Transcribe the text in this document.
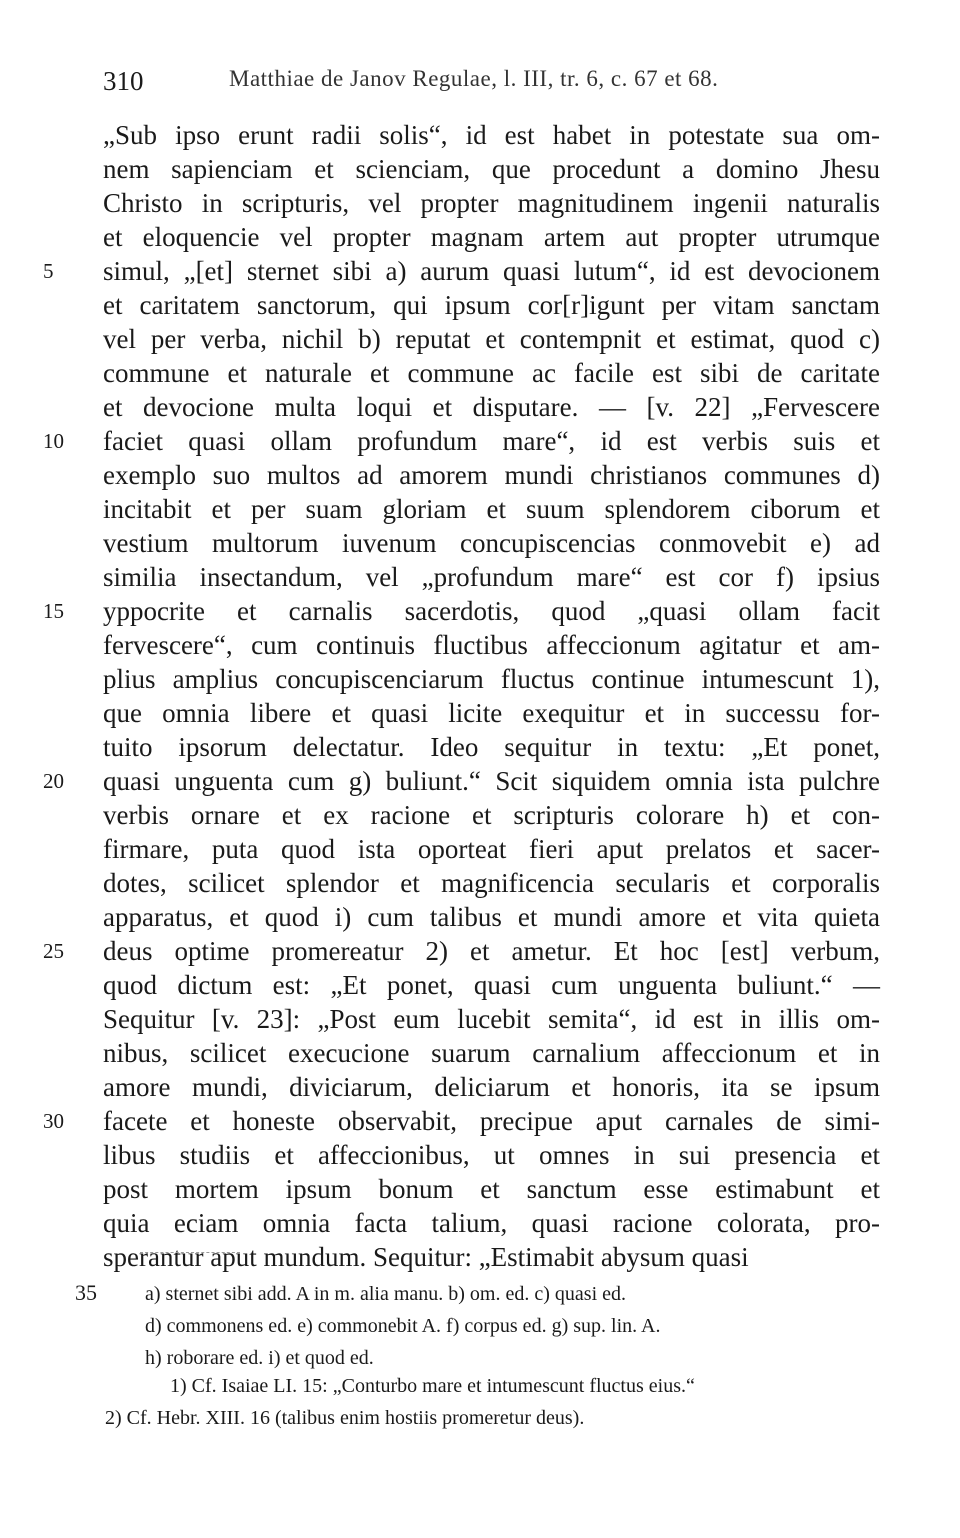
310	Matthiae de Janov Regulae, l. III, tr. 6, c. 67 et 68.
„Sub ipso erunt radii solis“, id est habet in potestate sua om-
nem sapienciam et scienciam, que procedunt a domino Jhesu
Christo in scripturis, vel propter magnitudinem ingenii naturalis
et eloquencie vel propter magnam artem aut propter utrumque
5	simul, „[et] sternet sibi a) aurum quasi lutum“, id est devocionem
et caritatem sanctorum, qui ipsum cor[r]igunt per vitam sanctam
vel per verba, nichil b) reputat et contempnit et estimat, quod c)
commune et naturale et commune ac facile est sibi de caritate
et devocione multa loqui et disputare. — [v. 22] „Fervescere
10	faciet quasi ollam profundum mare“, id est verbis suis et
exemplo suo multos ad amorem mundi christianos communes d)
incitabit et per suam gloriam et suum splendorem ciborum et
vestium multorum iuvenum concupiscencias conmovebit e) ad
similia insectandum, vel „profundum mare“ est cor f) ipsius
15	yppocrite et carnalis sacerdotis, quod „quasi ollam facit
fervescere“, cum continuis fluctibus affeccionum agitatur et am-
plius amplius concupiscenciarum fluctus continue intumescunt 1),
que omnia libere et quasi licite exequitur et in successu for-
tuito ipsorum delectatur. Ideo sequitur in textu: „Et ponet,
20	quasi unguenta cum g) buliunt.“ Scit siquidem omnia ista pulchre
verbis ornare et ex racione et scripturis colorare h) et con-
firmare, puta quod ista oporteat fieri aput prelatos et sacer-
dotes, scilicet splendor et magnificencia secularis et corporalis
apparatus, et quod i) cum talibus et mundi amore et vita quieta
25	deus optime promereatur 2) et ametur. Et hoc [est] verbum,
quod dictum est: „Et ponet, quasi cum unguenta buliunt.“ —
Sequitur [v. 23]: „Post eum lucebit semita“, id est in illis om-
nibus, scilicet execucione suarum carnalium affeccionum et in
amore mundi, diviciarum, deliciarum et honoris, ita se ipsum
30	facete et honeste observabit, precipue aput carnales de simi-
libus studiis et affeccionibus, ut omnes in sui presencia et
post mortem ipsum bonum et sanctum esse estimabunt et
quia eciam omnia facta talium, quasi racione colorata, pro-
sperantur aput mundum. Sequitur: „Estimabit abysum quasi
35 a) sternet sibi add. A in m. alia manu. b) om. ed. c) quasi ed.
d) commonens ed. e) commonebit A. f) corpus ed. g) sup. lin. A.
h) roborare ed. i) et quod ed.
1) Cf. Isaiae LI. 15: „Conturbo mare et intumescunt fluctus eius.“
2) Cf. Hebr. XIII. 16 (talibus enim hostiis promeretur deus).
